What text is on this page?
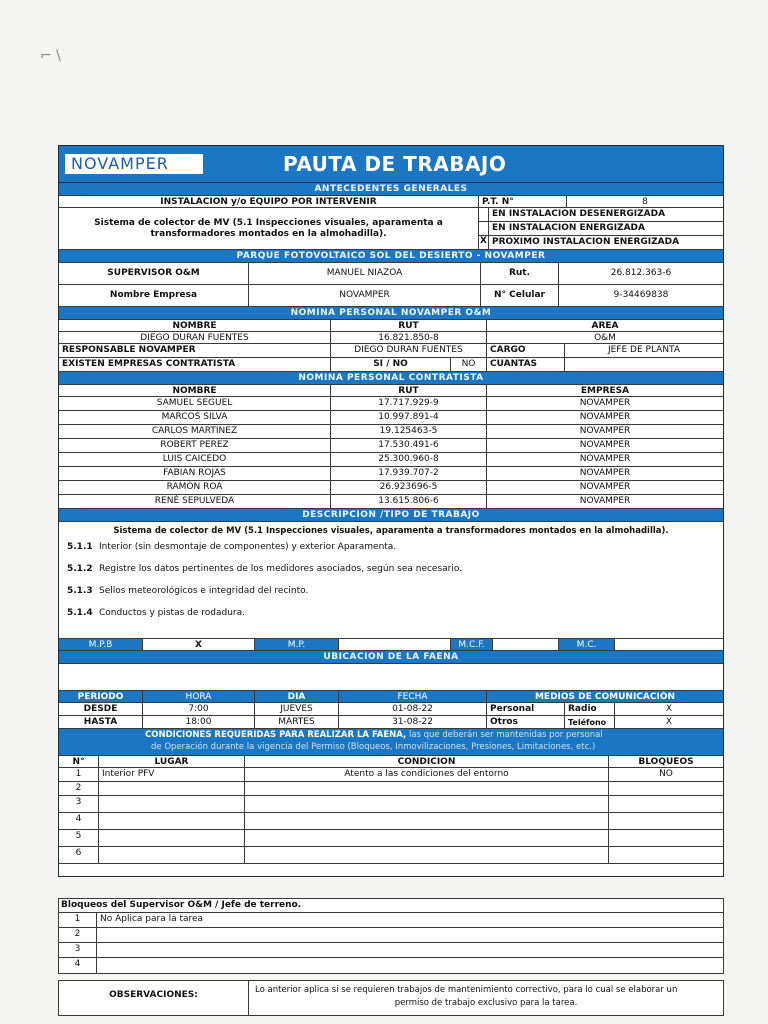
⌐ \
NOVAMPER	PAUTA DE TRABAJO
ANTECEDENTES GENERALES
INSTALACION y/o EQUIPO POR INTERVENIR	P.T. N°	8
Sistema de colector de MV (5.1 Inspecciones visuales, aparamenta a transformadores montados en la almohadilla).
EN INSTALACION DESENERGIZADA
EN INSTALACION ENERGIZADA
X PROXIMO INSTALACION ENERGIZADA
PARQUE FOTOVOLTAICO SOL DEL DESIERTO - NOVAMPER
SUPERVISOR O&M	MANUEL NIAZOA	Rut.	26.812.363-6
Nombre Empresa	NOVAMPER	N° Celular	9-34469838
NOMINA PERSONAL NOVAMPER O&M
NOMBRE	RUT	AREA
DIEGO DURAN FUENTES	16.821.850-8	O&M
RESPONSABLE NOVAMPER	DIEGO DURAN FUENTES	CARGO	JEFE DE PLANTA
EXISTEN EMPRESAS CONTRATISTA	SI / NO	NO	CUANTAS
NOMINA PERSONAL CONTRATISTA
NOMBRE	RUT	EMPRESA
SAMUEL SEGUEL	17.717.929-9	NOVAMPER
MARCOS SILVA	10.997.891-4	NOVAMPER
CARLOS MARTINEZ	19.125463-5	NOVAMPER
ROBERT PEREZ	17.530.491-6	NOVAMPER
LUIS CAICEDO	25.300.960-8	NOVAMPER
FABIAN ROJAS	17.939.707-2	NOVAMPER
RAMÓN ROA	26.923696-5	NOVAMPER
RENÉ SEPULVEDA	13.615.806-6	NOVAMPER
DESCRIPCION /TIPO DE TRABAJO
Sistema de colector de MV (5.1 Inspecciones visuales, aparamenta a transformadores montados en la almohadilla).
5.1.1 Interior (sin desmontaje de componentes) y exterior Aparamenta.
5.1.2 Registre los datos pertinentes de los medidores asociados, según sea necesario.
5.1.3 Sellos meteorológicos e integridad del recinto.
5.1.4 Conductos y pistas de rodadura.
M.P.B	X	M.P.	M.C.F.	M.C.
UBICACION DE LA FAENA
PERIODO	HORA	DIA	FECHA	MEDIOS DE COMUNICACIÓN
DESDE	7:00	JUEVES	01-08-22	Personal	Radio	X
HASTA	18:00	MARTES	31-08-22	Otros	Teléfono	X
CONDICIONES REQUERIDAS PARA REALIZAR LA FAENA, las que deberán ser mantenidas por personal
de Operación durante la vigencia del Permiso (Bloqueos, Inmovilizaciones, Presiones, Limitaciones, etc.)
N°	LUGAR	CONDICION	BLOQUEOS
1	Interior PFV	Atento a las condiciones del entorno	NO
2
3
4
5
6
Bloqueos del Supervisor O&M / Jefe de terreno.
1	No Aplica para la tarea
2
3
4
OBSERVACIONES:	Lo anterior aplica si se requieren trabajos de mantenimiento correctivo, para lo cual se elaborar un
permiso de trabajo exclusivo para la tarea.
